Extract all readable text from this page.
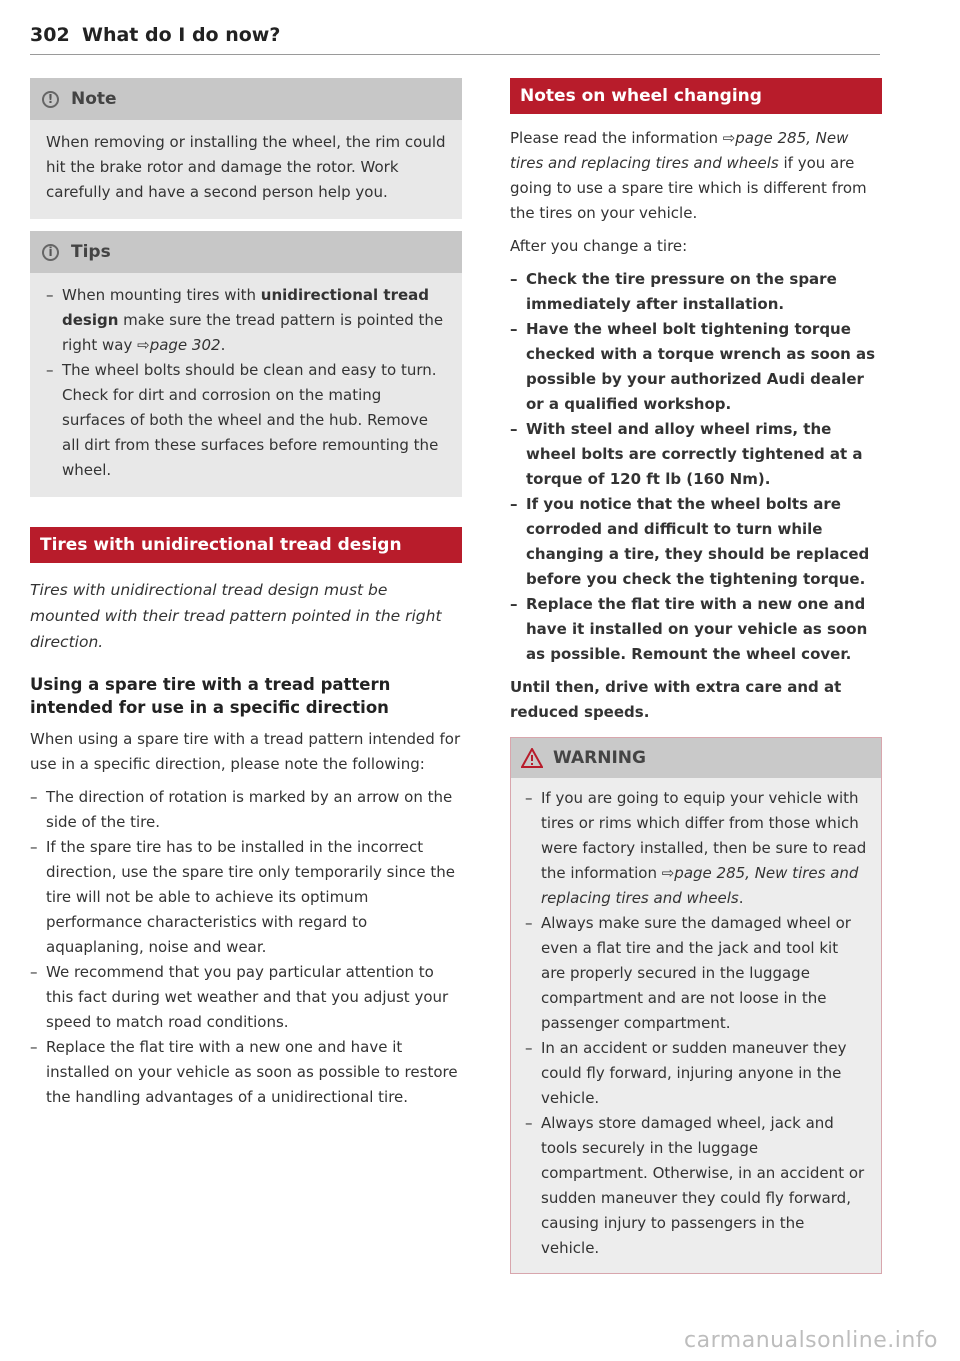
302 What do I do now?
!	Note

When removing or installing the wheel, the rim could hit the brake rotor and damage the rotor. Work carefully and have a second person help you.

i	Tips
– When mounting tires with unidirectional tread design make sure the tread pattern is pointed the right way ⇨page 302.
– The wheel bolts should be clean and easy to turn. Check for dirt and corrosion on the mating surfaces of both the wheel and the hub. Remove all dirt from these surfaces before remounting the wheel.
Tires with unidirectional tread design

Tires with unidirectional tread design must be mounted with their tread pattern pointed in the right direction.

Using a spare tire with a tread pattern intended for use in a specific direction

When using a spare tire with a tread pattern intended for use in a specific direction, please note the following:

– The direction of rotation is marked by an arrow on the side of the tire.
– If the spare tire has to be installed in the incorrect direction, use the spare tire only temporarily since the tire will not be able to achieve its optimum performance characteristics with regard to aquaplaning, noise and wear.
– We recommend that you pay particular attention to this fact during wet weather and that you adjust your speed to match road conditions.
– Replace the flat tire with a new one and have it installed on your vehicle as soon as possible to restore the handling advantages of a unidirectional tire.
Notes on wheel changing

Please read the information ⇨page 285, New tires and replacing tires and wheels if you are going to use a spare tire which is different from the tires on your vehicle.

After you change a tire:

– Check the tire pressure on the spare immediately after installation.
– Have the wheel bolt tightening torque checked with a torque wrench as soon as possible by your authorized Audi dealer or a qualified workshop.
– With steel and alloy wheel rims, the wheel bolts are correctly tightened at a torque of 120 ft lb (160 Nm).
– If you notice that the wheel bolts are corroded and difficult to turn while changing a tire, they should be replaced before you check the tightening torque.
– Replace the flat tire with a new one and have it installed on your vehicle as soon as possible. Remount the wheel cover.

Until then, drive with extra care and at reduced speeds.

WARNING
– If you are going to equip your vehicle with tires or rims which differ from those which were factory installed, then be sure to read the information ⇨page 285, New tires and replacing tires and wheels.
– Always make sure the damaged wheel or even a flat tire and the jack and tool kit are properly secured in the luggage compartment and are not loose in the passenger compartment.
– In an accident or sudden maneuver they could fly forward, injuring anyone in the vehicle.
– Always store damaged wheel, jack and tools securely in the luggage compartment. Otherwise, in an accident or sudden maneuver they could fly forward, causing injury to passengers in the vehicle.
carmanualsonline.info
